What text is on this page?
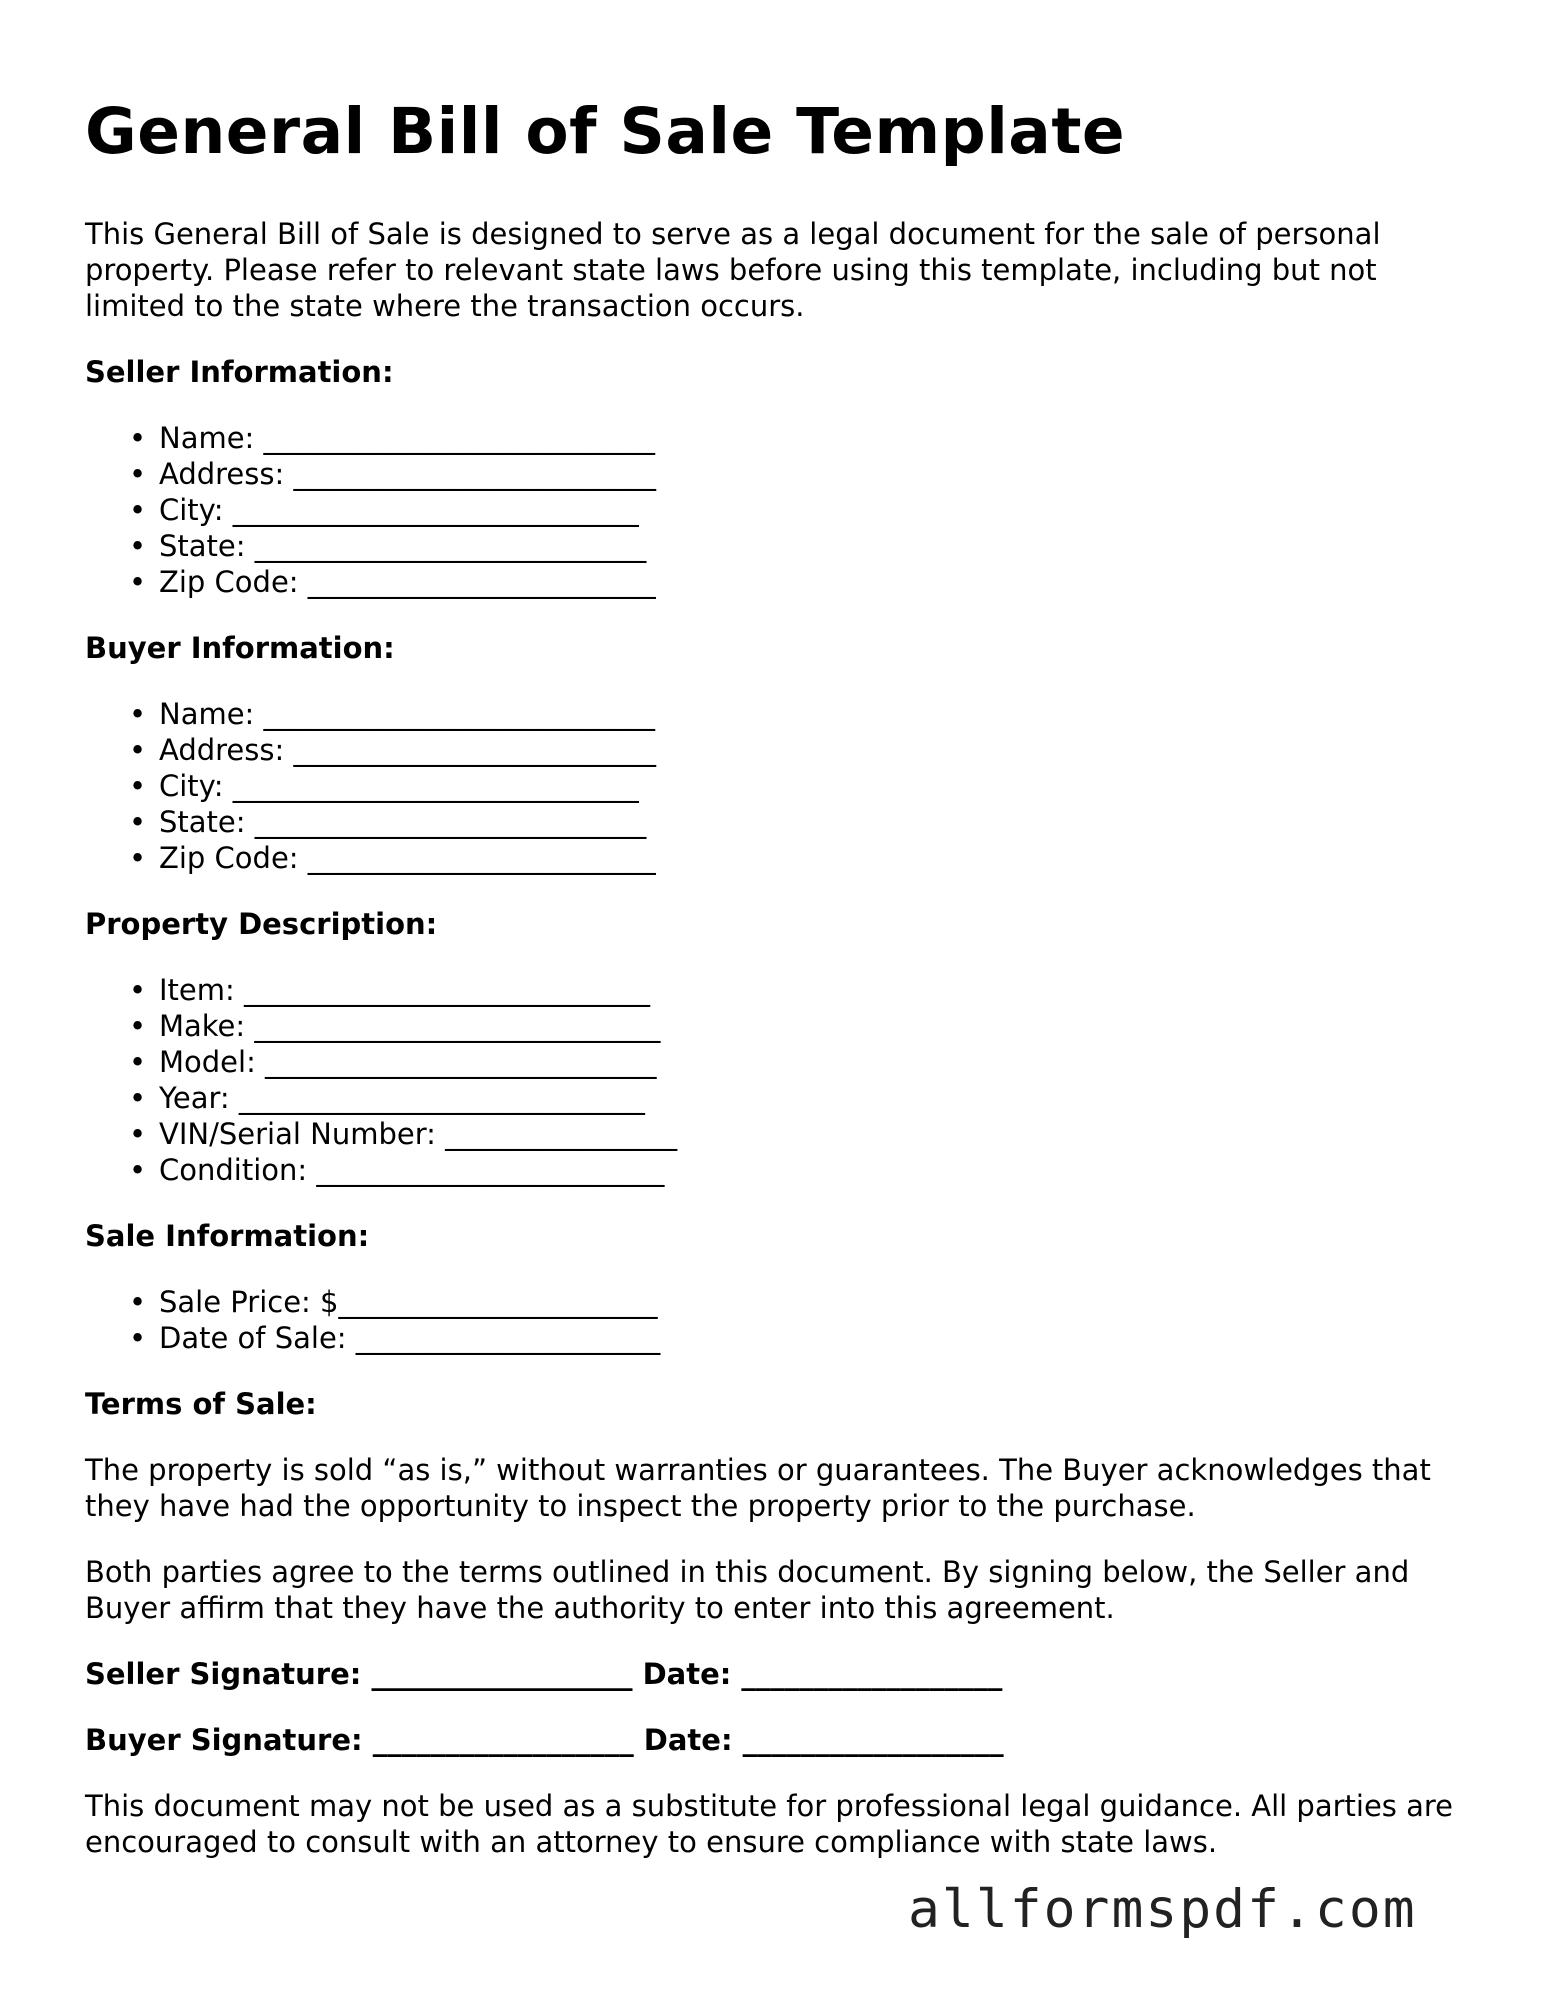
General Bill of Sale Template

This General Bill of Sale is designed to serve as a legal document for the sale of personal property. Please refer to relevant state laws before using this template, including but not limited to the state where the transaction occurs.

Seller Information:
• Name: ___________________________
• Address: _________________________
• City: ____________________________
• State: ___________________________
• Zip Code: ________________________
Buyer Information:
• Name: ___________________________
• Address: _________________________
• City: ____________________________
• State: ___________________________
• Zip Code: ________________________
Property Description:
• Item: ____________________________
• Make: ____________________________
• Model: ___________________________
• Year: ____________________________
• VIN/Serial Number: ________________
• Condition: ________________________
Sale Information:
• Sale Price: $______________________
• Date of Sale: _____________________
Terms of Sale:

The property is sold “as is,” without warranties or guarantees. The Buyer acknowledges that they have had the opportunity to inspect the property prior to the purchase.

Both parties agree to the terms outlined in this document. By signing below, the Seller and Buyer affirm that they have the authority to enter into this agreement.

Seller Signature: __________________ Date: __________________
Buyer Signature: __________________ Date: __________________

This document may not be used as a substitute for professional legal guidance. All parties are encouraged to consult with an attorney to ensure compliance with state laws.

allformspdf.com
